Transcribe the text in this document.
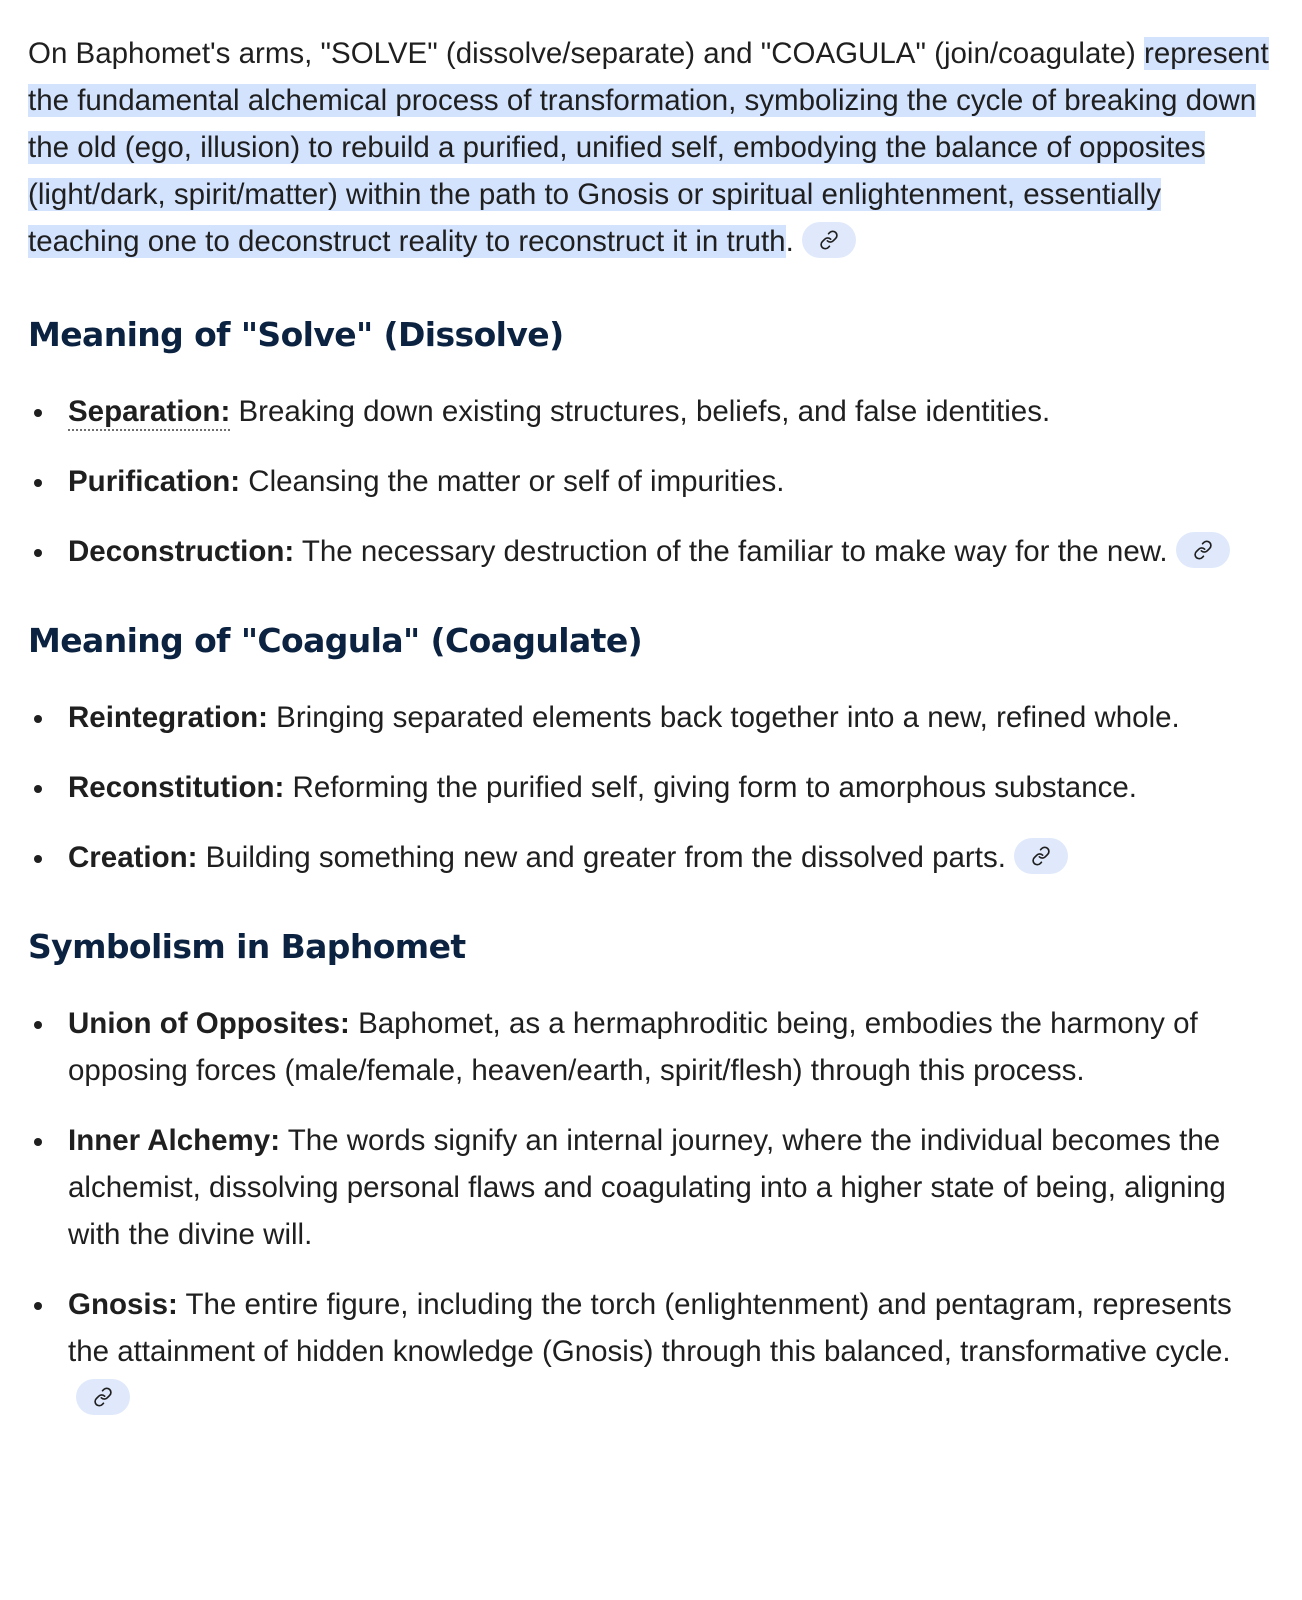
On Baphomet's arms, "SOLVE" (dissolve/separate) and "COAGULA" (join/coagulate) represent the fundamental alchemical process of transformation, symbolizing the cycle of breaking down the old (ego, illusion) to rebuild a purified, unified self, embodying the balance of opposites (light/dark, spirit/matter) within the path to Gnosis or spiritual enlightenment, essentially teaching one to deconstruct reality to reconstruct it in truth.

Meaning of "Solve" (Dissolve)
Separation: Breaking down existing structures, beliefs, and false identities.
Purification: Cleansing the matter or self of impurities.
Deconstruction: The necessary destruction of the familiar to make way for the new.
Meaning of "Coagula" (Coagulate)
Reintegration: Bringing separated elements back together into a new, refined whole.
Reconstitution: Reforming the purified self, giving form to amorphous substance.
Creation: Building something new and greater from the dissolved parts.
Symbolism in Baphomet
Union of Opposites: Baphomet, as a hermaphroditic being, embodies the harmony of opposing forces (male/female, heaven/earth, spirit/flesh) through this process.
Inner Alchemy: The words signify an internal journey, where the individual becomes the alchemist, dissolving personal flaws and coagulating into a higher state of being, aligning with the divine will.
Gnosis: The entire figure, including the torch (enlightenment) and pentagram, represents the attainment of hidden knowledge (Gnosis) through this balanced, transformative cycle.
